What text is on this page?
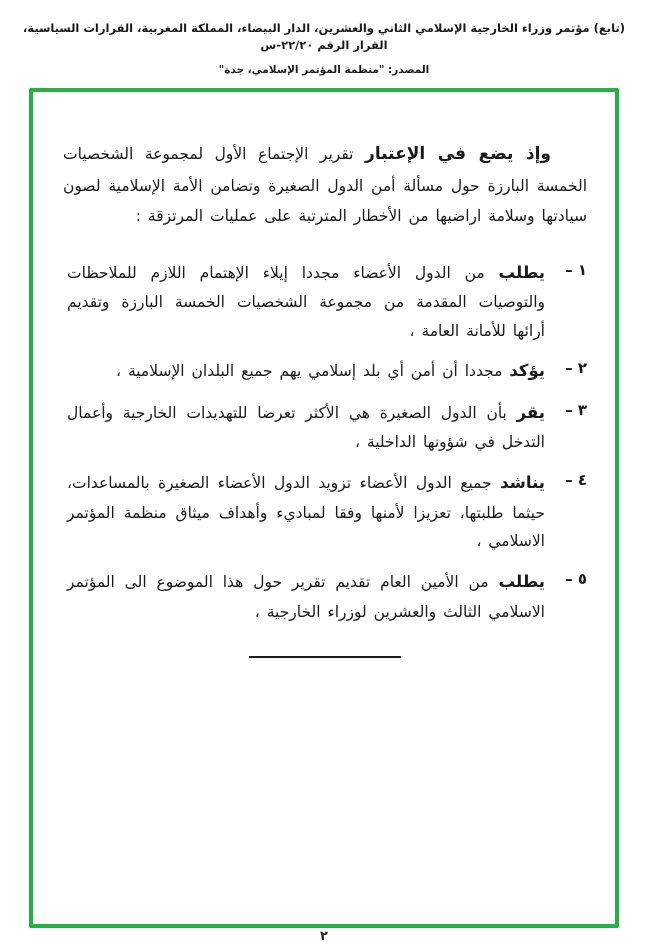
(تابع) مؤتمر وزراء الخارجية الإسلامي الثاني والعشرين، الدار البيضاء، المملكة المغربية، القرارات السياسية، القرار الرقم ٢٢/٢٠-س
المصدر: "منظمة المؤتمر الإسلامي، جدة"

وإذ يضع في الإعتبار تقرير الإجتماع الأول لمجموعة الشخصيات الخمسة البارزة حول مسألة أمن الدول الصغيرة وتضامن الأمة الإسلامية لصون سيادتها وسلامة اراضيها من الأخطار المترتبة على عمليات المرتزقة :

١ –
يطلب من الدول الأعضاء مجددا إيلاء الإهتمام اللازم للملاحظات والتوصيات المقدمة من مجموعة الشخصيات الخمسة البارزة وتقديم أرائها للأمانة العامة ،
٢ –
يؤكد مجددا أن أمن أي بلد إسلامي يهم جميع البلدان الإسلامية ،
٣ –
يقر بأن الدول الصغيرة هي الأكثر تعرضا للتهديدات الخارجية وأعمال التدخل في شؤونها الداخلية ،
٤ –
يناشد جميع الدول الأعضاء تزويد الدول الأعضاء الصغيرة بالمساعدات، حيثما طلبتها، تعزيزا لأمنها وفقا لمباديء وأهداف ميثاق منظمة المؤتمر الاسلامي ،
٥ –
يطلب من الأمين العام تقديم تقرير حول هذا الموضوع الى المؤتمر الاسلامي الثالث والعشرين لوزراء الخارجية ،
٢
